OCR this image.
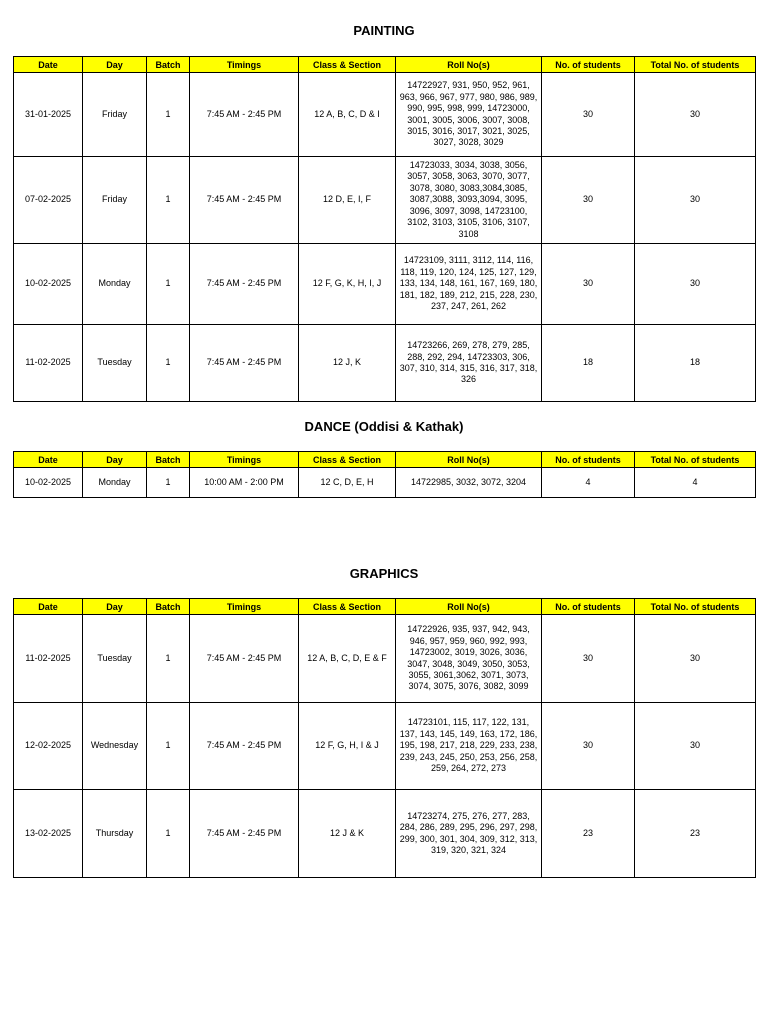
PAINTING
Date	Day	Batch	Timings	Class & Section	Roll No(s)	No. of students	Total No. of students
31-01-2025	Friday	1	7:45 AM - 2:45 PM	12 A, B, C, D & I	14722927, 931, 950, 952, 961, 963, 966, 967, 977, 980, 986, 989, 990, 995, 998, 999, 14723000, 3001, 3005, 3006, 3007, 3008, 3015, 3016, 3017, 3021, 3025, 3027, 3028, 3029	30	30
07-02-2025	Friday	1	7:45 AM - 2:45 PM	12 D, E, I, F	14723033, 3034, 3038, 3056, 3057, 3058, 3063, 3070, 3077, 3078, 3080, 3083,3084,3085, 3087,3088, 3093,3094, 3095, 3096, 3097, 3098, 14723100, 3102, 3103, 3105, 3106, 3107, 3108	30	30
10-02-2025	Monday	1	7:45 AM - 2:45 PM	12 F, G, K, H, I, J	14723109, 3111, 3112, 114, 116, 118, 119, 120, 124, 125, 127, 129, 133, 134, 148, 161, 167, 169, 180, 181, 182, 189, 212, 215, 228, 230, 237, 247, 261, 262	30	30
11-02-2025	Tuesday	1	7:45 AM - 2:45 PM	12 J, K	14723266, 269, 278, 279, 285, 288, 292, 294, 14723303, 306, 307, 310, 314, 315, 316, 317, 318, 326	18	18
DANCE (Oddisi & Kathak)
Date	Day	Batch	Timings	Class & Section	Roll No(s)	No. of students	Total No. of students
10-02-2025	Monday	1	10:00 AM - 2:00 PM	12 C, D, E, H	14722985, 3032, 3072, 3204	4	4
GRAPHICS
Date	Day	Batch	Timings	Class & Section	Roll No(s)	No. of students	Total No. of students
11-02-2025	Tuesday	1	7:45 AM - 2:45 PM	12 A, B, C, D, E & F	14722926, 935, 937, 942, 943, 946, 957, 959, 960, 992, 993, 14723002, 3019, 3026, 3036, 3047, 3048, 3049, 3050, 3053, 3055, 3061,3062, 3071, 3073, 3074, 3075, 3076, 3082, 3099	30	30
12-02-2025	Wednesday	1	7:45 AM - 2:45 PM	12 F, G, H, I & J	14723101, 115, 117, 122, 131, 137, 143, 145, 149, 163, 172, 186, 195, 198, 217, 218, 229, 233, 238, 239, 243, 245, 250, 253, 256, 258, 259, 264, 272, 273	30	30
13-02-2025	Thursday	1	7:45 AM - 2:45 PM	12 J & K	14723274, 275, 276, 277, 283, 284, 286, 289, 295, 296, 297, 298, 299, 300, 301, 304, 309, 312, 313, 319, 320, 321, 324	23	23
